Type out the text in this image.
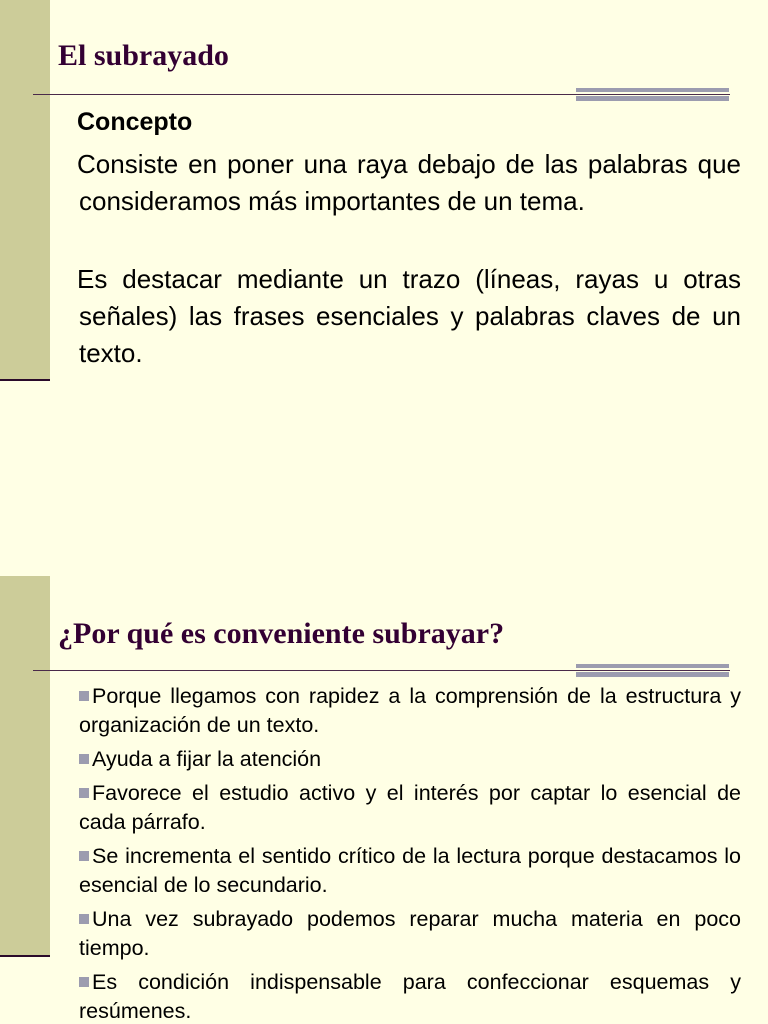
El subrayado
Concepto

Consiste en poner una raya debajo de las palabras que consideramos más importantes de un tema.

Es destacar mediante un trazo (líneas, rayas u otras señales) las frases esenciales y palabras claves de un texto.

¿Por qué es conveniente subrayar?
Porque llegamos con rapidez a la comprensión de la estructura y organización de un texto.
Ayuda a fijar la atención
Favorece el estudio activo y el interés por captar lo esencial de cada párrafo.
Se incrementa el sentido crítico de la lectura porque destacamos lo esencial de lo secundario.
Una vez subrayado podemos reparar mucha materia en poco tiempo.
Es condición indispensable para confeccionar esquemas y resúmenes.
